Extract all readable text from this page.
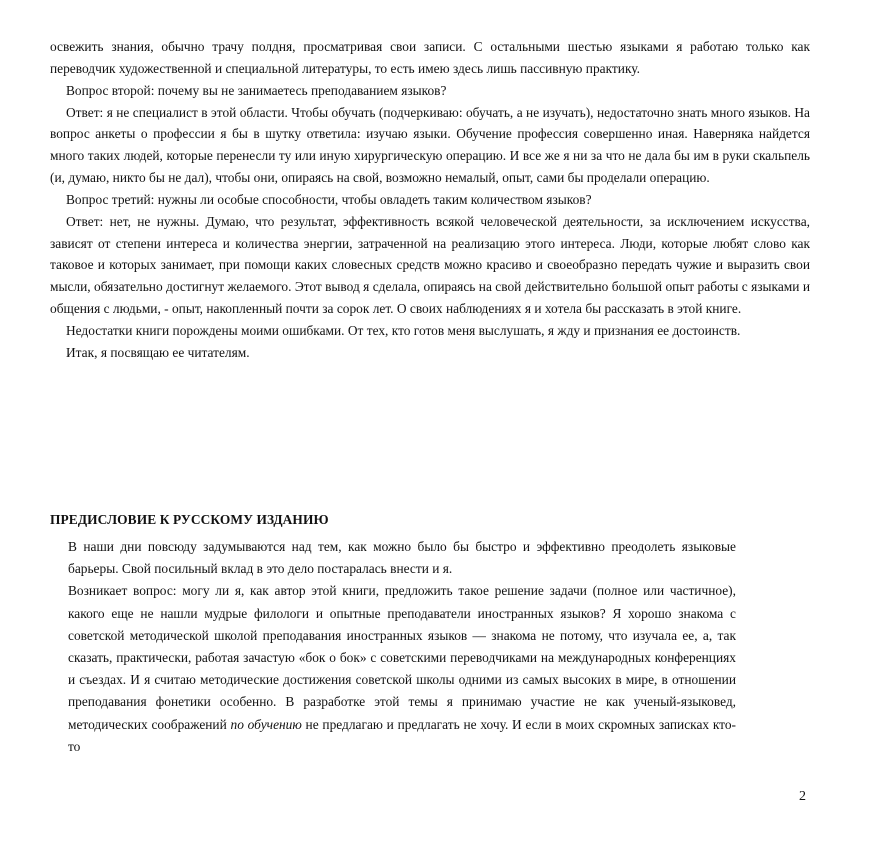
освежить знания, обычно трачу полдня, просматривая свои записи. С остальными шестью языками я работаю только как переводчик художественной и специальной литературы, то есть имею здесь лишь пассивную практику.

Вопрос второй: почему вы не занимаетесь преподаванием языков?

Ответ: я не специалист в этой области. Чтобы обучать (подчеркиваю: обучать, а не изучать), недостаточно знать много языков. На вопрос анкеты о профессии я бы в шутку ответила: изучаю языки. Обучение профессия совершенно иная. Наверняка найдется много таких людей, которые перенесли ту или иную хирургическую операцию. И все же я ни за что не дала бы им в руки скальпель (и, думаю, никто бы не дал), чтобы они, опираясь на свой, возможно немалый, опыт, сами бы проделали операцию.

Вопрос третий: нужны ли особые способности, чтобы овладеть таким количеством языков?

Ответ: нет, не нужны. Думаю, что результат, эффективность всякой человеческой деятельности, за исключением искусства, зависят от степени интереса и количества энергии, затраченной на реализацию этого интереса. Люди, которые любят слово как таковое и которых занимает, при помощи каких словесных средств можно красиво и своеобразно передать чужие и выразить свои мысли, обязательно достигнут желаемого. Этот вывод я сделала, опираясь на свой действительно большой опыт работы с языками и общения с людьми, - опыт, накопленный почти за сорок лет. О своих наблюдениях я и хотела бы рассказать в этой книге.

Недостатки книги порождены моими ошибками. От тех, кто готов меня выслушать, я жду и признания ее достоинств.

Итак, я посвящаю ее читателям.

ПРЕДИСЛОВИЕ К РУССКОМУ ИЗДАНИЮ

В наши дни повсюду задумываются над тем, как можно было бы быстро и эффективно преодолеть языковые барьеры. Свой посильный вклад в это дело постаралась внести и я.

Возникает вопрос: могу ли я, как автор этой книги, предложить такое решение задачи (полное или частичное), какого еще не нашли мудрые филологи и опытные преподаватели иностранных языков? Я хорошо знакома с советской методической школой преподавания иностранных языков — знакома не потому, что изучала ее, а, так сказать, практически, работая зачастую «бок о бок» с советскими переводчиками на международных конференциях и съездах. И я считаю методические достижения советской школы одними из самых высоких в мире, в отношении преподавания фонетики особенно. В разработке этой темы я принимаю участие не как ученый-языковед, методических соображений по обучению не предлагаю и предлагать не хочу. И если в моих скромных записках кто-то

2
